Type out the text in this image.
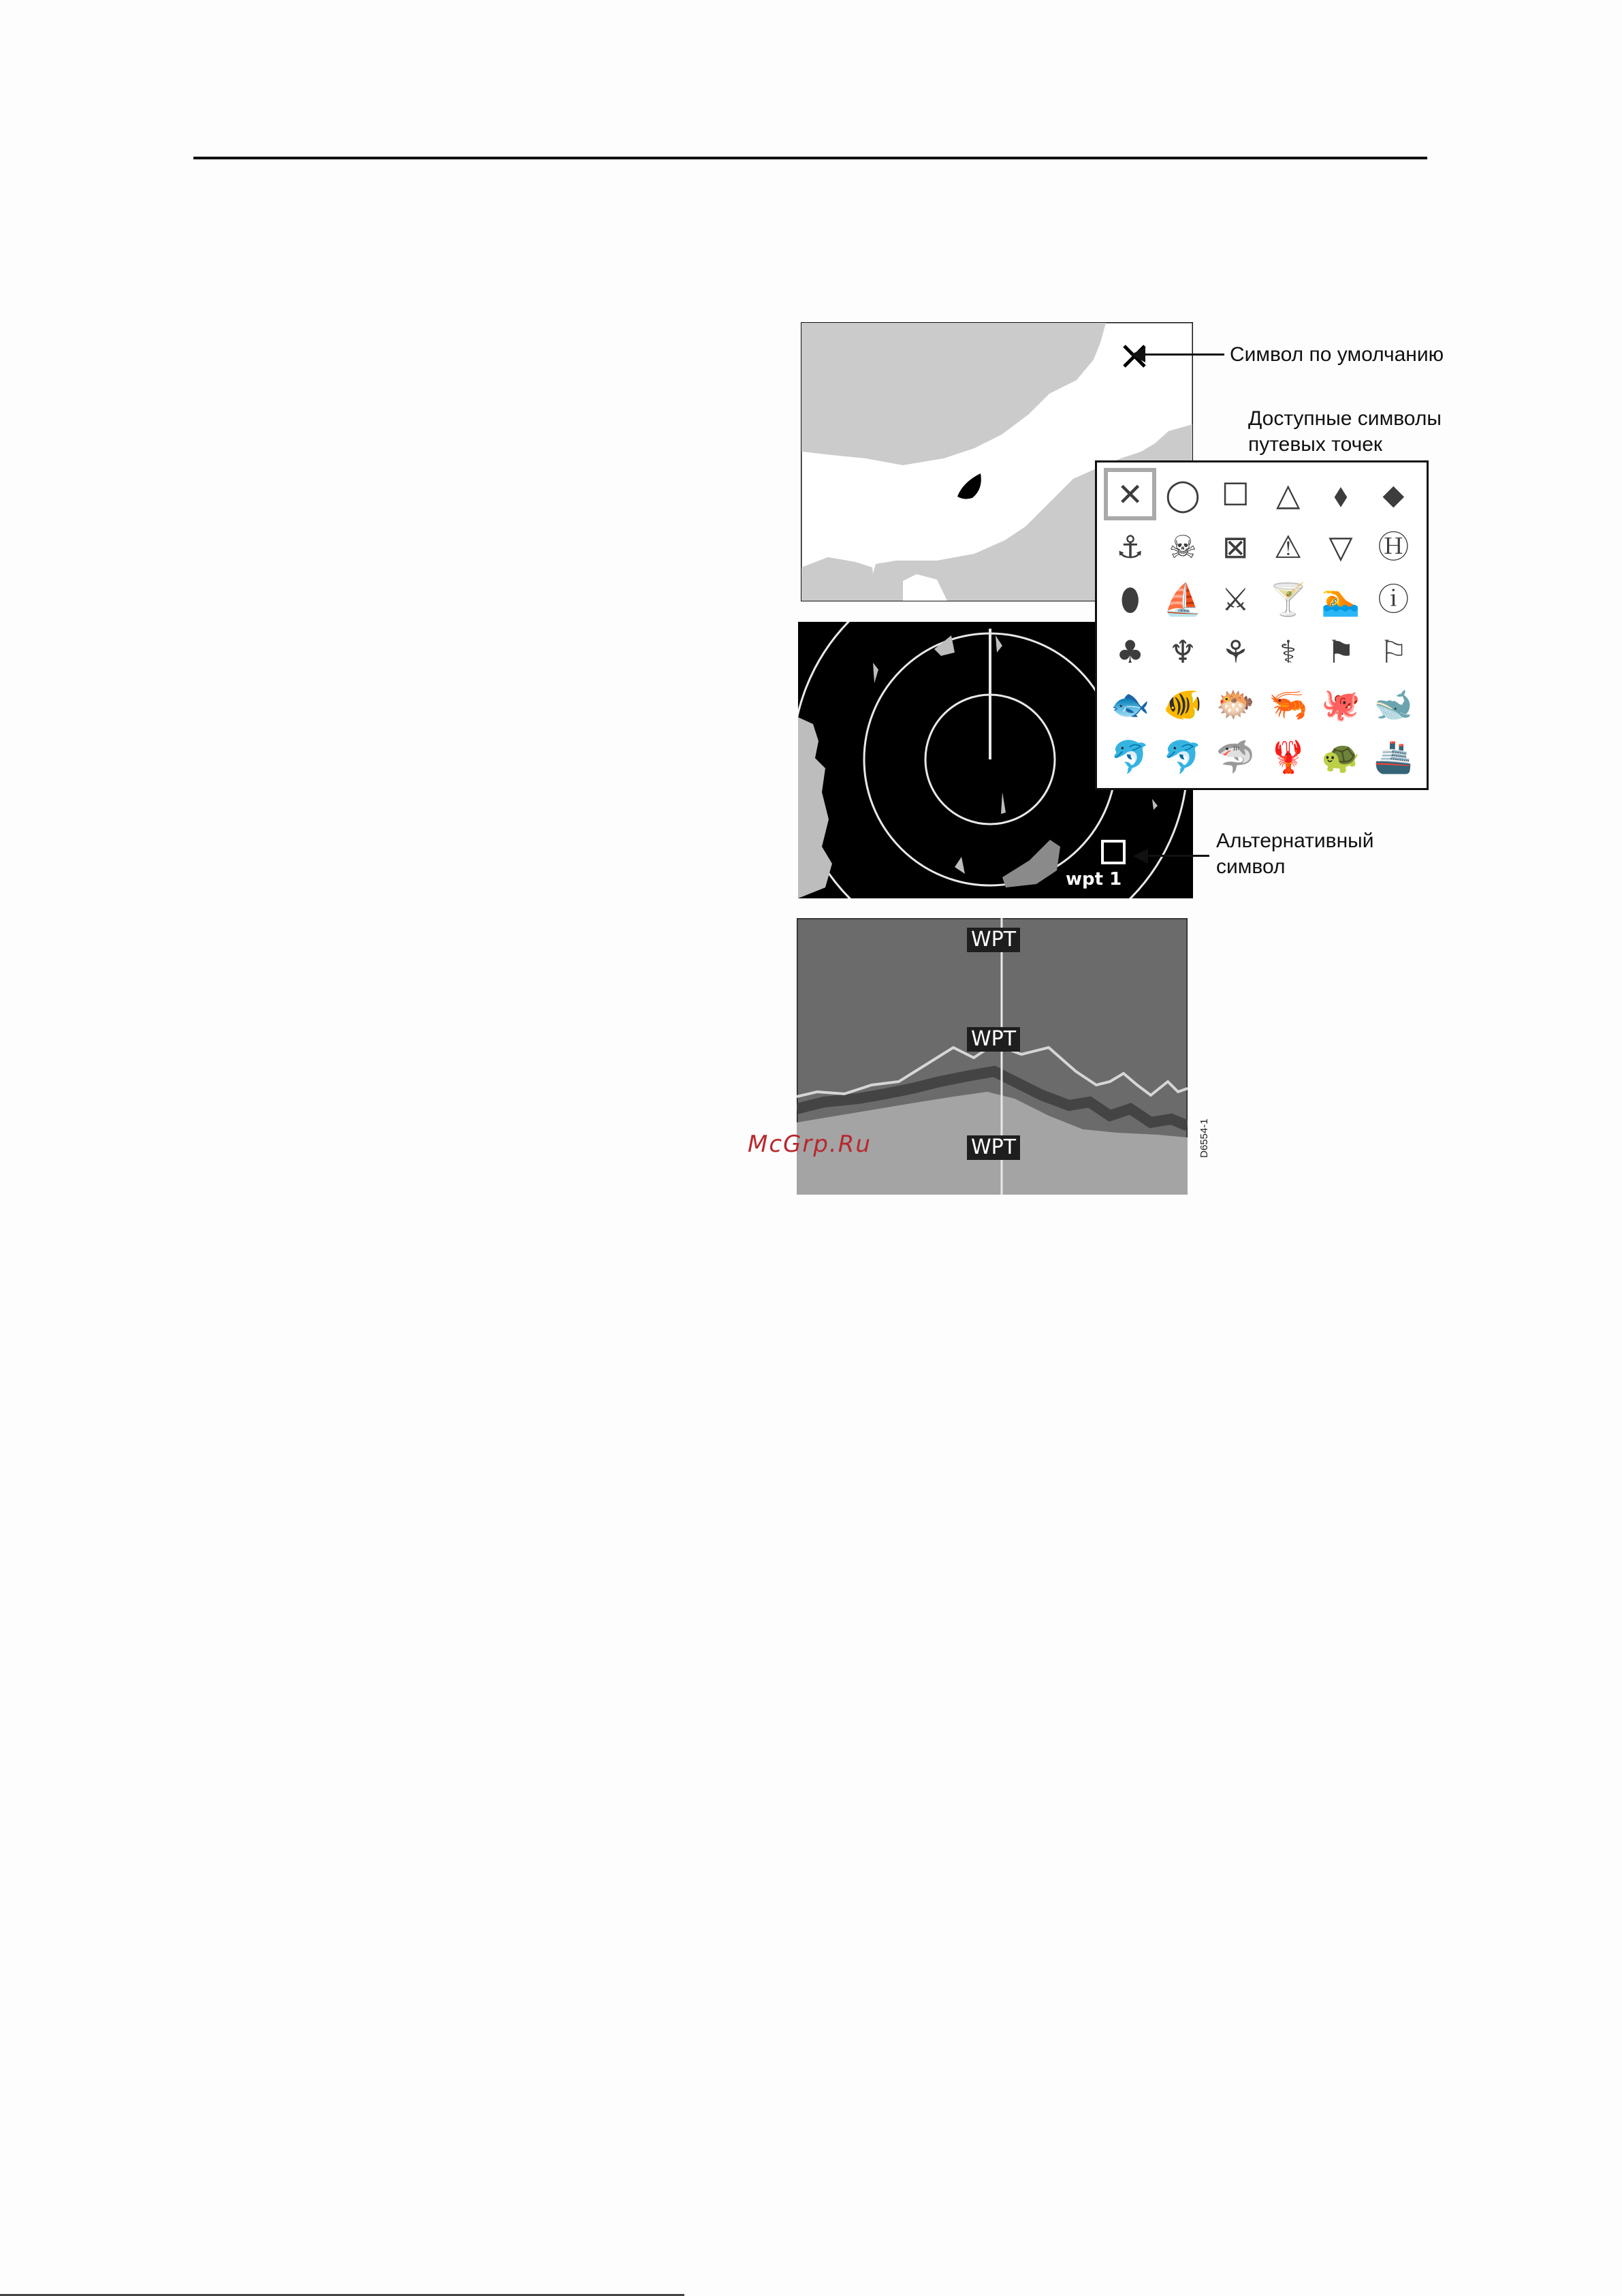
wpt 1
WPT
WPT
WPT
✕ ◯ ☐ △	⬧	⬥
⚓ ☠ ⊠ ⚠ ▽ Ⓗ
⬮ ⛵ ⚔ 🍸 🏊 ⓘ
♣ ♆ ⚘ ⚕ ⚑ ⚐
🐟 🐠 🐡 🦐 🐙 🐋
🐬 🐬 🦈 🦞 🐢 🚢
Символ по умолчанию
Доступные символы
путевых точек
Альтернативный
символ
McGrp.Ru	D6554-1
